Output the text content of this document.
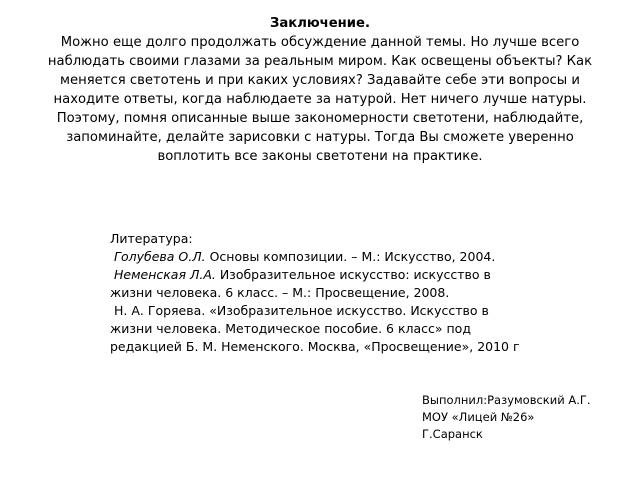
Заключение.
Можно еще долго продолжать обсуждение данной темы. Но лучше всего наблюдать своими глазами за реальным миром. Как освещены объекты? Как меняется светотень и при каких условиях? Задавайте себе эти вопросы и находите ответы, когда наблюдаете за натурой. Нет ничего лучше натуры. Поэтому, помня описанные выше закономерности светотени, наблюдайте, запоминайте, делайте зарисовки с натуры. Тогда Вы сможете уверенно воплотить все законы светотени на практике.
Литература:
Голубева О.Л. Основы композиции. – М.: Искусство, 2004.
Неменская Л.А. Изобразительное искусство: искусство в жизни человека. 6 класс. – М.: Просвещение, 2008.
Н. А. Горяева. «Изобразительное искусство. Искусство в жизни человека. Методическое пособие. 6 класс» под редакцией Б. М. Неменского. Москва, «Просвещение», 2010 г
Выполнил:Разумовский А.Г.
МОУ «Лицей №26»
Г.Саранск
